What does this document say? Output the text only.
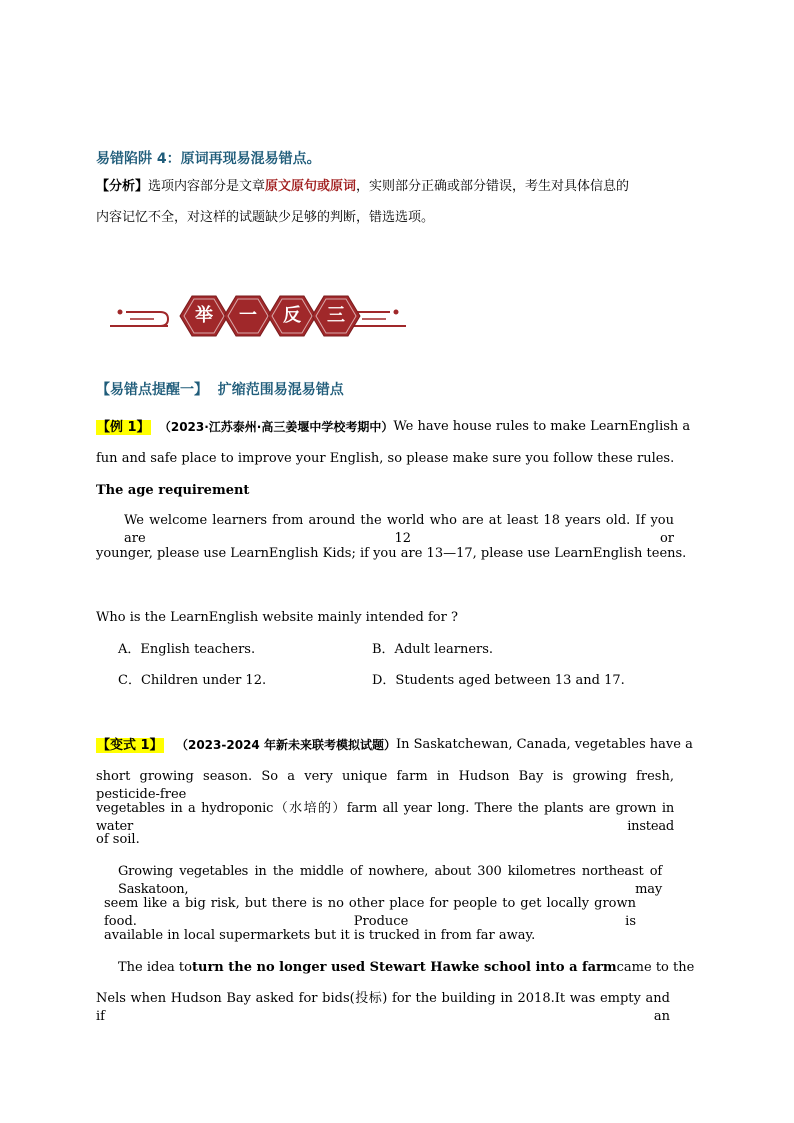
易错陷阱 4：原词再现易混易错点。
【分析】选项内容部分是文章原文原句或原词，实则部分正确或部分错误，考生对具体信息的
内容记忆不全，对这样的试题缺少足够的判断，错选选项。
举 一 反 三
【易错点提醒一】 扩缩范围易混易错点
【例 1】 （2023·江苏泰州·高三姜堰中学校考期中） We have house rules to make LearnEnglish a
fun and safe place to improve your English, so please make sure you follow these rules.
The age requirement
We welcome learners from around the world who are at least 18 years old. If you are 12 or
younger, please use LearnEnglish Kids; if you are 13—17, please use LearnEnglish teens.
Who is the LearnEnglish website mainly intended for ?
A．English teachers.	B．Adult learners.
C．Children under 12.	D．Students aged between 13 and 17.
【变式 1】 （2023-2024 年新未来联考模拟试题） In Saskatchewan, Canada, vegetables have a
short growing season. So a very unique farm in Hudson Bay is growing fresh, pesticide-free
vegetables in a hydroponic（水培的）farm all year long. There the plants are grown in water instead
of soil.
Growing vegetables in the middle of nowhere, about 300 kilometres northeast of Saskatoon, may
seem like a big risk, but there is no other place for people to get locally grown food. Produce is
available in local supermarkets but it is trucked in from far away.
The idea to turn the no longer used Stewart Hawke school into a farm came to the
Nels when Hudson Bay asked for bids(投标) for the building in 2018.It was empty and if an
